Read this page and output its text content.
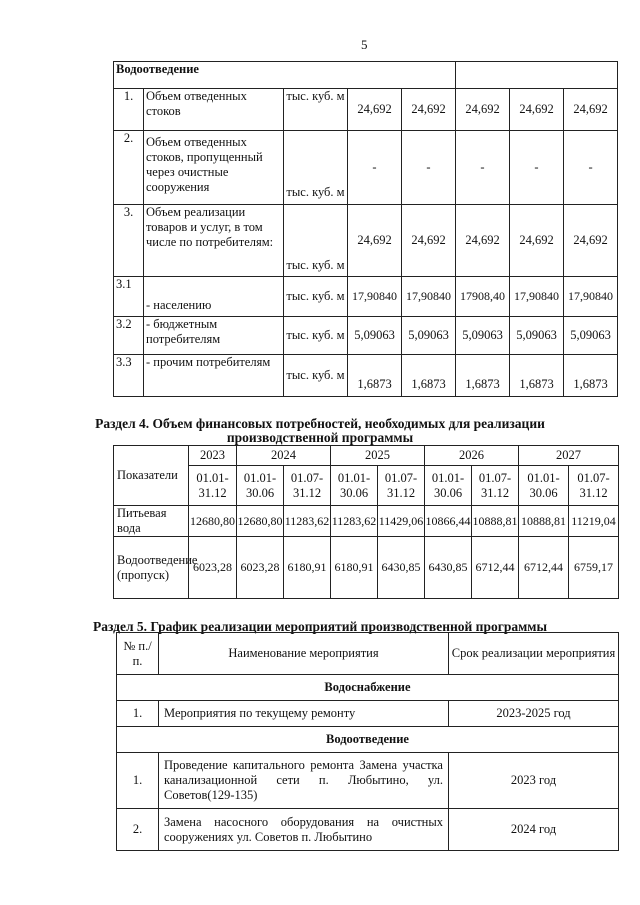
5
Водоотведение							
1.	Объем отведенных стоков	тыс. куб. м	24,692	24,692	24,692	24,692	24,692
2.	Объем отведенных стоков, пропущенный через очистные сооружения	тыс. куб. м	-	-	-	-	-
3.	Объем реализации товаров и услуг, в том числе по потребителям:	тыс. куб. м	24,692	24,692	24,692	24,692	24,692
3.1	- населению	тыс. куб. м	17,90840	17,90840	17908,40	17,90840	17,90840
3.2	- бюджетным потребителям	тыс. куб. м	5,09063	5,09063	5,09063	5,09063	5,09063
3.3	- прочим потребителям	тыс. куб. м	1,6873	1,6873	1,6873	1,6873	1,6873
Раздел 4. Объем финансовых потребностей, необходимых для реализации
производственной программы
Показатели	2023	2024		2025		2026		2027	
	01.01-31.12	01.01-30.06	01.07-31.12	01.01-30.06	01.07-31.12	01.01-30.06	01.07-31.12	01.01-30.06	01.07-31.12
Питьевая вода	12680,80	12680,80	11283,62	11283,62	11429,06	10866,44	10888,81	10888,81	11219,04
Водоотведение (пропуск)	6023,28	6023,28	6180,91	6180,91	6430,85	6430,85	6712,44	6712,44	6759,17
Раздел 5. График реализации мероприятий производственной программы
№ п./п.	Наименование мероприятия	Срок реализации мероприятия
Водоснабжение		
1.	Мероприятия по текущему ремонту	2023-2025 год
Водоотведение		
1.	Проведение капитального ремонта Замена участка канализационной сети п. Любытино, ул. Советов(129-135)	2023 год
2.	Замена насосного оборудования на очистных сооружениях ул. Советов п. Любытино	2024 год
